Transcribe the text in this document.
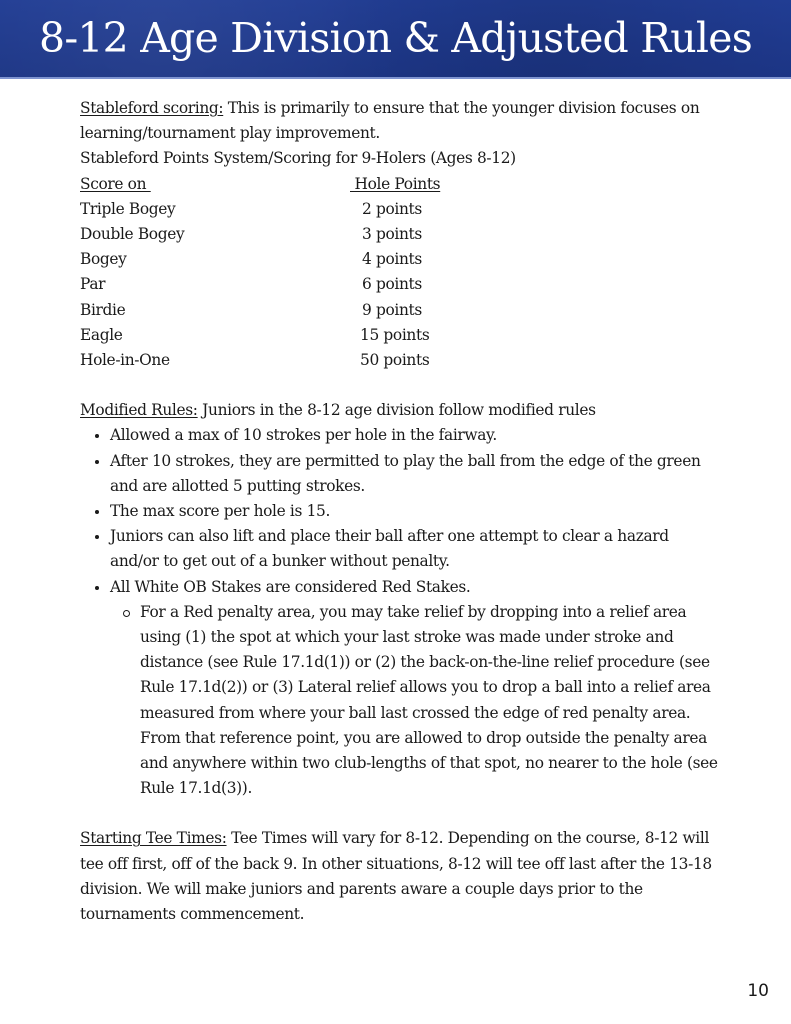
8-12 Age Division & Adjusted Rules

Stableford scoring: This is primarily to ensure that the younger division focuses on learning/tournament play improvement.

Stableford Points System/Scoring for 9-Holers (Ages 8-12)

Score on	Hole Points
Triple Bogey	2 points
Double Bogey	3 points
Bogey	4 points
Par	6 points
Birdie	9 points
Eagle	15 points
Hole-in-One	50 points

Modified Rules: Juniors in the 8-12 age division follow modified rules

Allowed a max of 10 strokes per hole in the fairway.
After 10 strokes, they are permitted to play the ball from the edge of the green and are allotted 5 putting strokes.
The max score per hole is 15.
Juniors can also lift and place their ball after one attempt to clear a hazard and/or to get out of a bunker without penalty.
All White OB Stakes are considered Red Stakes.
For a Red penalty area, you may take relief by dropping into a relief area using (1) the spot at which your last stroke was made under stroke and distance (see Rule 17.1d(1)) or (2) the back-on-the-line relief procedure (see Rule 17.1d(2)) or (3) Lateral relief allows you to drop a ball into a relief area measured from where your ball last crossed the edge of red penalty area. From that reference point, you are allowed to drop outside the penalty area and anywhere within two club-lengths of that spot, no nearer to the hole (see Rule 17.1d(3)).

Starting Tee Times: Tee Times will vary for 8-12. Depending on the course, 8-12 will tee off first, off of the back 9. In other situations, 8-12 will tee off last after the 13-18 division. We will make juniors and parents aware a couple days prior to the tournaments commencement.

10
